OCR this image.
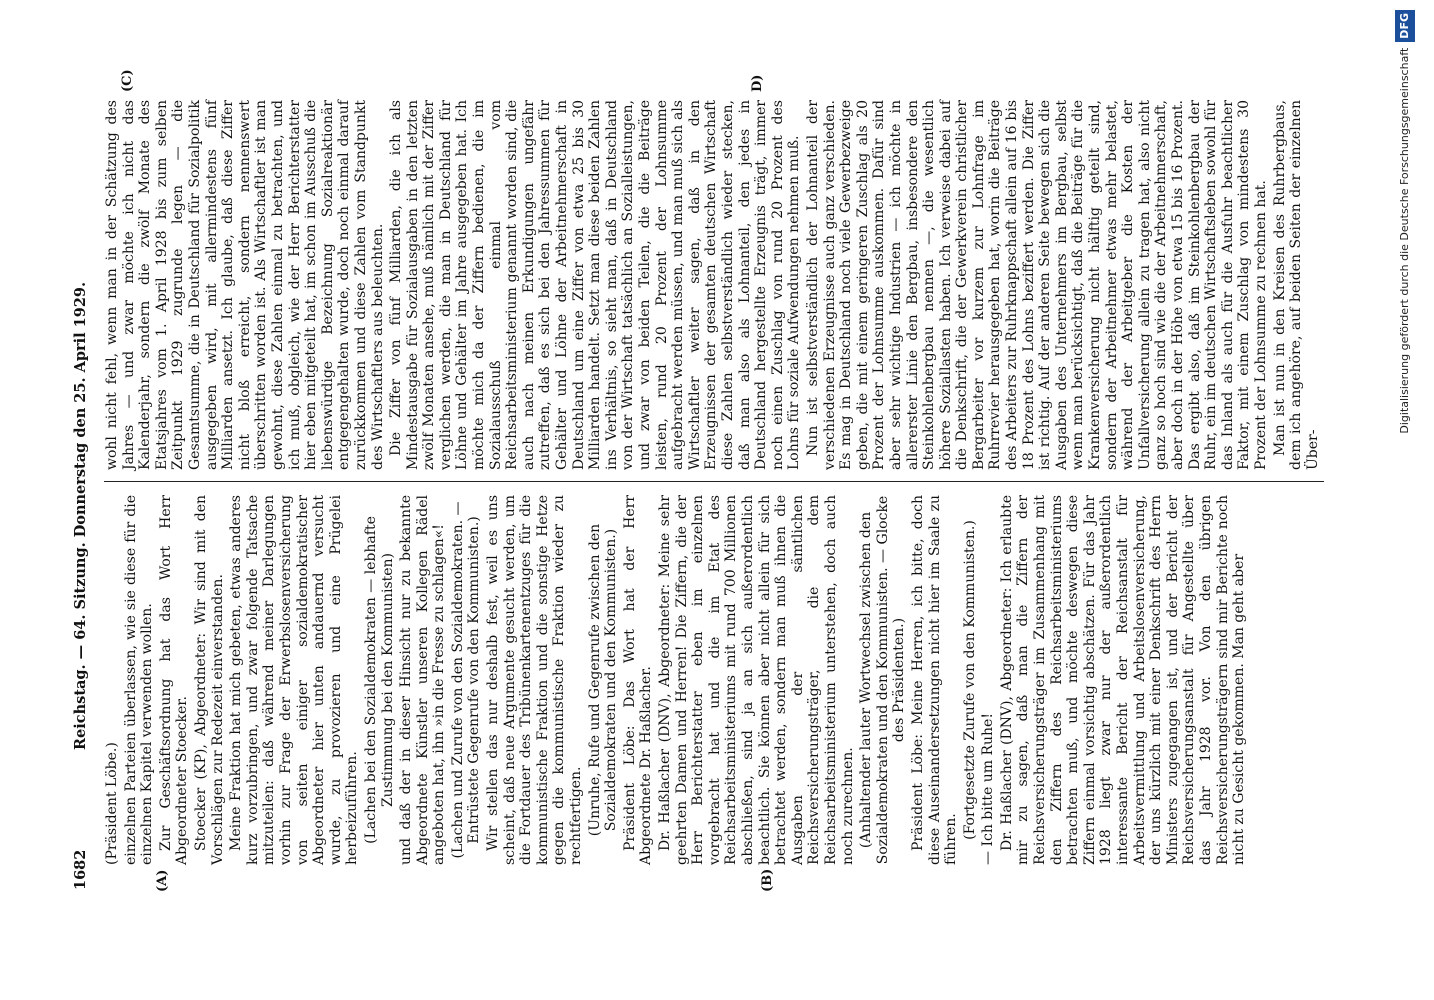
1682
Reichstag. — 64. Sitzung. Donnerstag den 25. April 1929.
(A)	(B)
(C)	D)

(Präsident Löbe.) einzelnen Parteien überlassen, wie sie diese für die einzelnen Kapitel verwenden wollen. Zur Geschäftsordnung hat das Wort Herr Abgeordneter Stoecker. Stoecker (KP), Abgeordneter: Wir sind mit den Vorschlägen zur Redezeit einverstanden. Meine Fraktion hat mich gebeten, etwas anderes kurz vorzubringen, und zwar folgende Tatsache mitzuteilen: daß während meiner Darlegungen vorhin zur Frage der Erwerbslosenversicherung von seiten einiger sozialdemokratischer Abgeordneter hier unten andauernd versucht wurde, zu provozieren und eine Prügelei herbeizuführen. (Lachen bei den Sozialdemokraten — lebhafte Zustimmung bei den Kommunisten) und daß der in dieser Hinsicht nur zu bekannte Abgeordnete Künstler unseren Kollegen Rädel angeboten hat, ihn »in die Fresse zu schlagen«! (Lachen und Zurufe von den Sozialdemokraten. — Entrüstete Gegenrufe von den Kommunisten.) Wir stellen das nur deshalb fest, weil es uns scheint, daß neue Argumente gesucht werden, um die Fortdauer des Tribünenkartenentzuges für die kommunistische Fraktion und die sonstige Hetze gegen die kommunistische Fraktion wieder zu rechtfertigen. (Unruhe, Rufe und Gegenrufe zwischen den Sozialdemokraten und den Kommunisten.) Präsident Löbe: Das Wort hat der Herr Abgeordnete Dr. Haßlacher. Dr. Haßlacher (DNV), Abgeordneter: Meine sehr geehrten Damen und Herren! Die Ziffern, die der Herr Berichterstatter eben im einzelnen vorgebracht hat und die im Etat des Reichsarbeitsministeriums mit rund 700 Millionen abschließen, sind ja an sich außerordentlich beachtlich. Sie können aber nicht allein für sich betrachtet werden, sondern man muß ihnen die Ausgaben der sämtlichen Reichsversicherungsträger, die dem Reichsarbeitsministerium unterstehen, doch auch noch zurechnen. (Anhaltender lauter Wortwechsel zwischen den Sozialdemokraten und den Kommunisten. — Glocke des Präsidenten.) Präsident Löbe: Meine Herren, ich bitte, doch diese Auseinandersetzungen nicht hier im Saale zu führen. (Fortgesetzte Zurufe von den Kommunisten.) — Ich bitte um Ruhe! Dr. Haßlacher (DNV), Abgeordneter: Ich erlaubte mir zu sagen, daß man die Ziffern der Reichsversicherungsträger im Zusammenhang mit den Ziffern des Reichsarbeitsministeriums betrachten muß, und möchte deswegen diese Ziffern einmal vorsichtig abschätzen. Für das Jahr 1928 liegt zwar nur der außerordentlich interessante Bericht der Reichsanstalt für Arbeitsvermittlung und Arbeitslosenversicherung, der uns kürzlich mit einer Denkschrift des Herrn Ministers zugegangen ist, und der Bericht der Reichsversicherungsanstalt für Angestellte über das Jahr 1928 vor. Von den übrigen Reichsversicherungsträgern sind mir Berichte noch nicht zu Gesicht gekommen. Man geht aber

wohl nicht fehl, wenn man in der Schätzung des Jahres — und zwar möchte ich nicht das Kalenderjahr, sondern die zwölf Monate des Etatsjahres vom 1. April 1928 bis zum selben Zeitpunkt 1929 zugrunde legen — die Gesamtsumme, die in Deutschland für Sozialpolitik ausgegeben wird, mit allermindestens fünf Milliarden ansetzt. Ich glaube, daß diese Ziffer nicht bloß erreicht, sondern nennenswert überschritten worden ist. Als Wirtschaftler ist man gewohnt, diese Zahlen einmal zu betrachten, und ich muß, obgleich, wie der Herr Berichterstatter hier eben mitgeteilt hat, im schon im Ausschuß die liebenswürdige Bezeichnung Sozialreaktionär entgegengehalten wurde, doch noch einmal darauf zurückkommen und diese Zahlen vom Standpunkt des Wirtschaftlers aus beleuchten. Die Ziffer von fünf Milliarden, die ich als Mindestausgabe für Sozialausgaben in den letzten zwölf Monaten ansehe, muß nämlich mit der Ziffer verglichen werden, die man in Deutschland für Löhne und Gehälter im Jahre ausgegeben hat. Ich möchte mich da der Ziffern bedienen, die im Sozialausschuß einmal vom Reichsarbeitsministerium genannt worden sind, die auch nach meinen Erkundigungen ungefähr zutreffen, daß es sich bei den Jahressummen für Gehälter und Löhne der Arbeitnehmerschaft in Deutschland um eine Ziffer von etwa 25 bis 30 Milliarden handelt. Setzt man diese beiden Zahlen ins Verhältnis, so sieht man, daß in Deutschland von der Wirtschaft tatsächlich an Sozialleistungen, und zwar von beiden Teilen, die die Beiträge leisten, rund 20 Prozent der Lohnsumme aufgebracht werden müssen, und man muß sich als Wirtschaftler weiter sagen, daß in den Erzeugnissen der gesamten deutschen Wirtschaft diese Zahlen selbstverständlich wieder stecken, daß man also als Lohnanteil, den jedes in Deutschland hergestellte Erzeugnis trägt, immer noch einen Zuschlag von rund 20 Prozent des Lohns für soziale Aufwendungen nehmen muß. Nun ist selbstverständlich der Lohnanteil der verschiedenen Erzeugnisse auch ganz verschieden. Es mag in Deutschland noch viele Gewerbezweige geben, die mit einem geringeren Zuschlag als 20 Prozent der Lohnsumme auskommen. Dafür sind aber sehr wichtige Industrien — ich möchte in allererster Linie den Bergbau, insbesondere den Steinkohlenbergbau nennen —, die wesentlich höhere Soziallasten haben. Ich verweise dabei auf die Denkschrift, die der Gewerkverein christlicher Bergarbeiter vor kurzem zur Lohnfrage im Ruhrrevier herausgegeben hat, worin die Beiträge des Arbeiters zur Ruhrknappschaft allein auf 16 bis 18 Prozent des Lohns beziffert werden. Die Ziffer ist richtig. Auf der anderen Seite bewegen sich die Ausgaben des Unternehmers im Bergbau, selbst wenn man berücksichtigt, daß die Beiträge für die Krankenversicherung nicht hälftig geteilt sind, sondern der Arbeitnehmer etwas mehr belastet, während der Arbeitgeber die Kosten der Unfallversicherung allein zu tragen hat, also nicht ganz so hoch sind wie die der Arbeitnehmerschaft, aber doch in der Höhe von etwa 15 bis 16 Prozent. Das ergibt also, daß im Steinkohlenbergbau der Ruhr, ein im deutschen Wirtschaftsleben sowohl für das Inland als auch für die Ausfuhr beachtlicher Faktor, mit einem Zuschlag von mindestens 30 Prozent der Lohnsumme zu rechnen hat. Man ist nun in den Kreisen des Ruhrbergbaus, dem ich angehöre, auf beiden Seiten der einzelnen Über-

Digitalisierung gefördert durch die Deutsche ForschungsgemeinschaftDFG
